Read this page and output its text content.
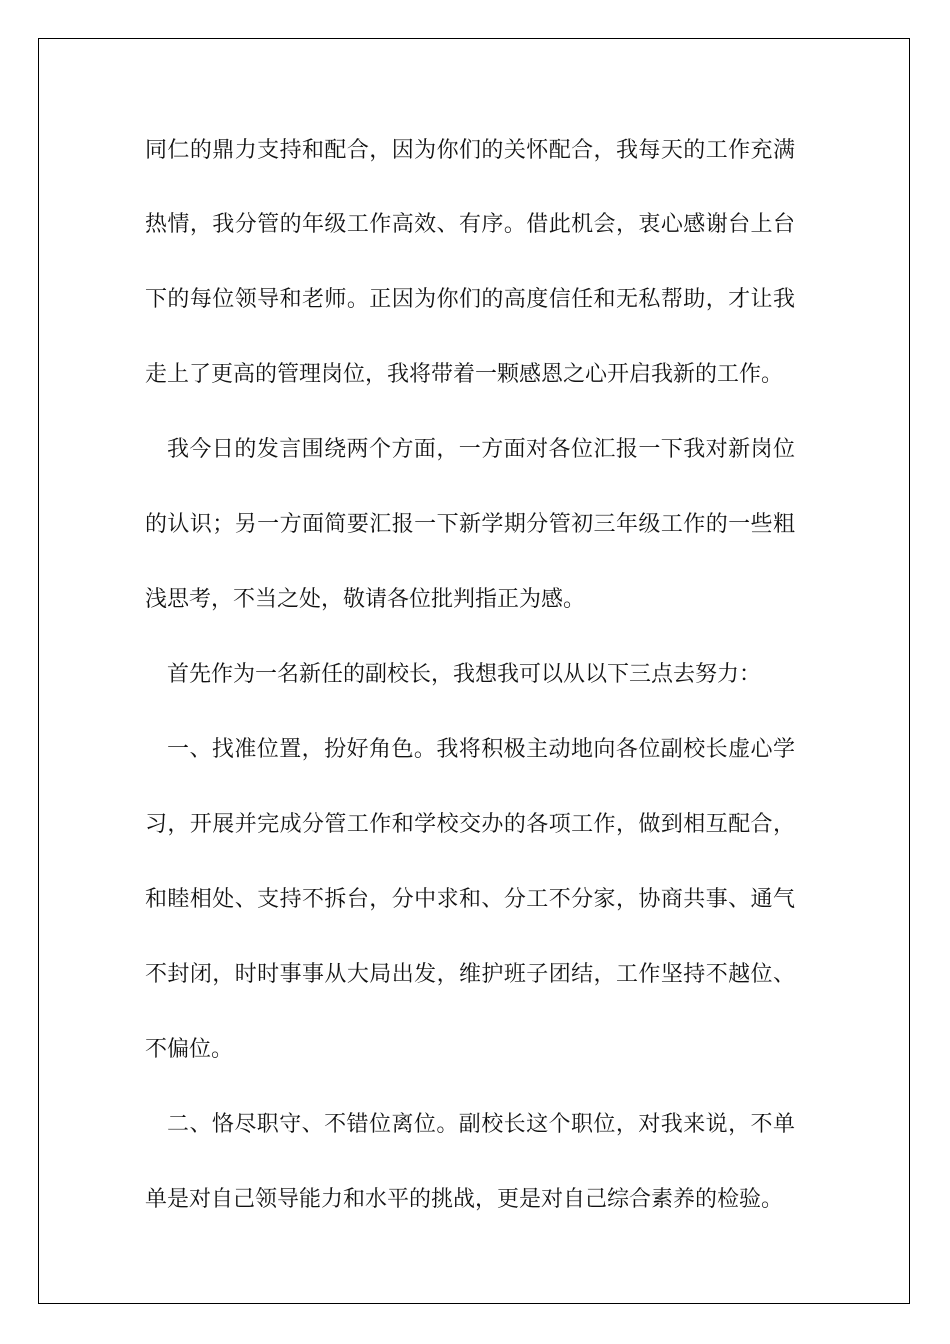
同仁的鼎力支持和配合，因为你们的关怀配合，我每天的工作充满

热情，我分管的年级工作高效、有序。借此机会，衷心感谢台上台

下的每位领导和老师。正因为你们的高度信任和无私帮助，才让我

走上了更高的管理岗位，我将带着一颗感恩之心开启我新的工作。

我今日的发言围绕两个方面，一方面对各位汇报一下我对新岗位

的认识；另一方面简要汇报一下新学期分管初三年级工作的一些粗

浅思考，不当之处，敬请各位批判指正为感。

首先作为一名新任的副校长，我想我可以从以下三点去努力：

一、找准位置，扮好角色。我将积极主动地向各位副校长虚心学

习，开展并完成分管工作和学校交办的各项工作，做到相互配合，

和睦相处、支持不拆台，分中求和、分工不分家，协商共事、通气

不封闭，时时事事从大局出发，维护班子团结，工作坚持不越位、

不偏位。

二、恪尽职守、不错位离位。副校长这个职位，对我来说，不单

单是对自己领导能力和水平的挑战，更是对自己综合素养的检验。
